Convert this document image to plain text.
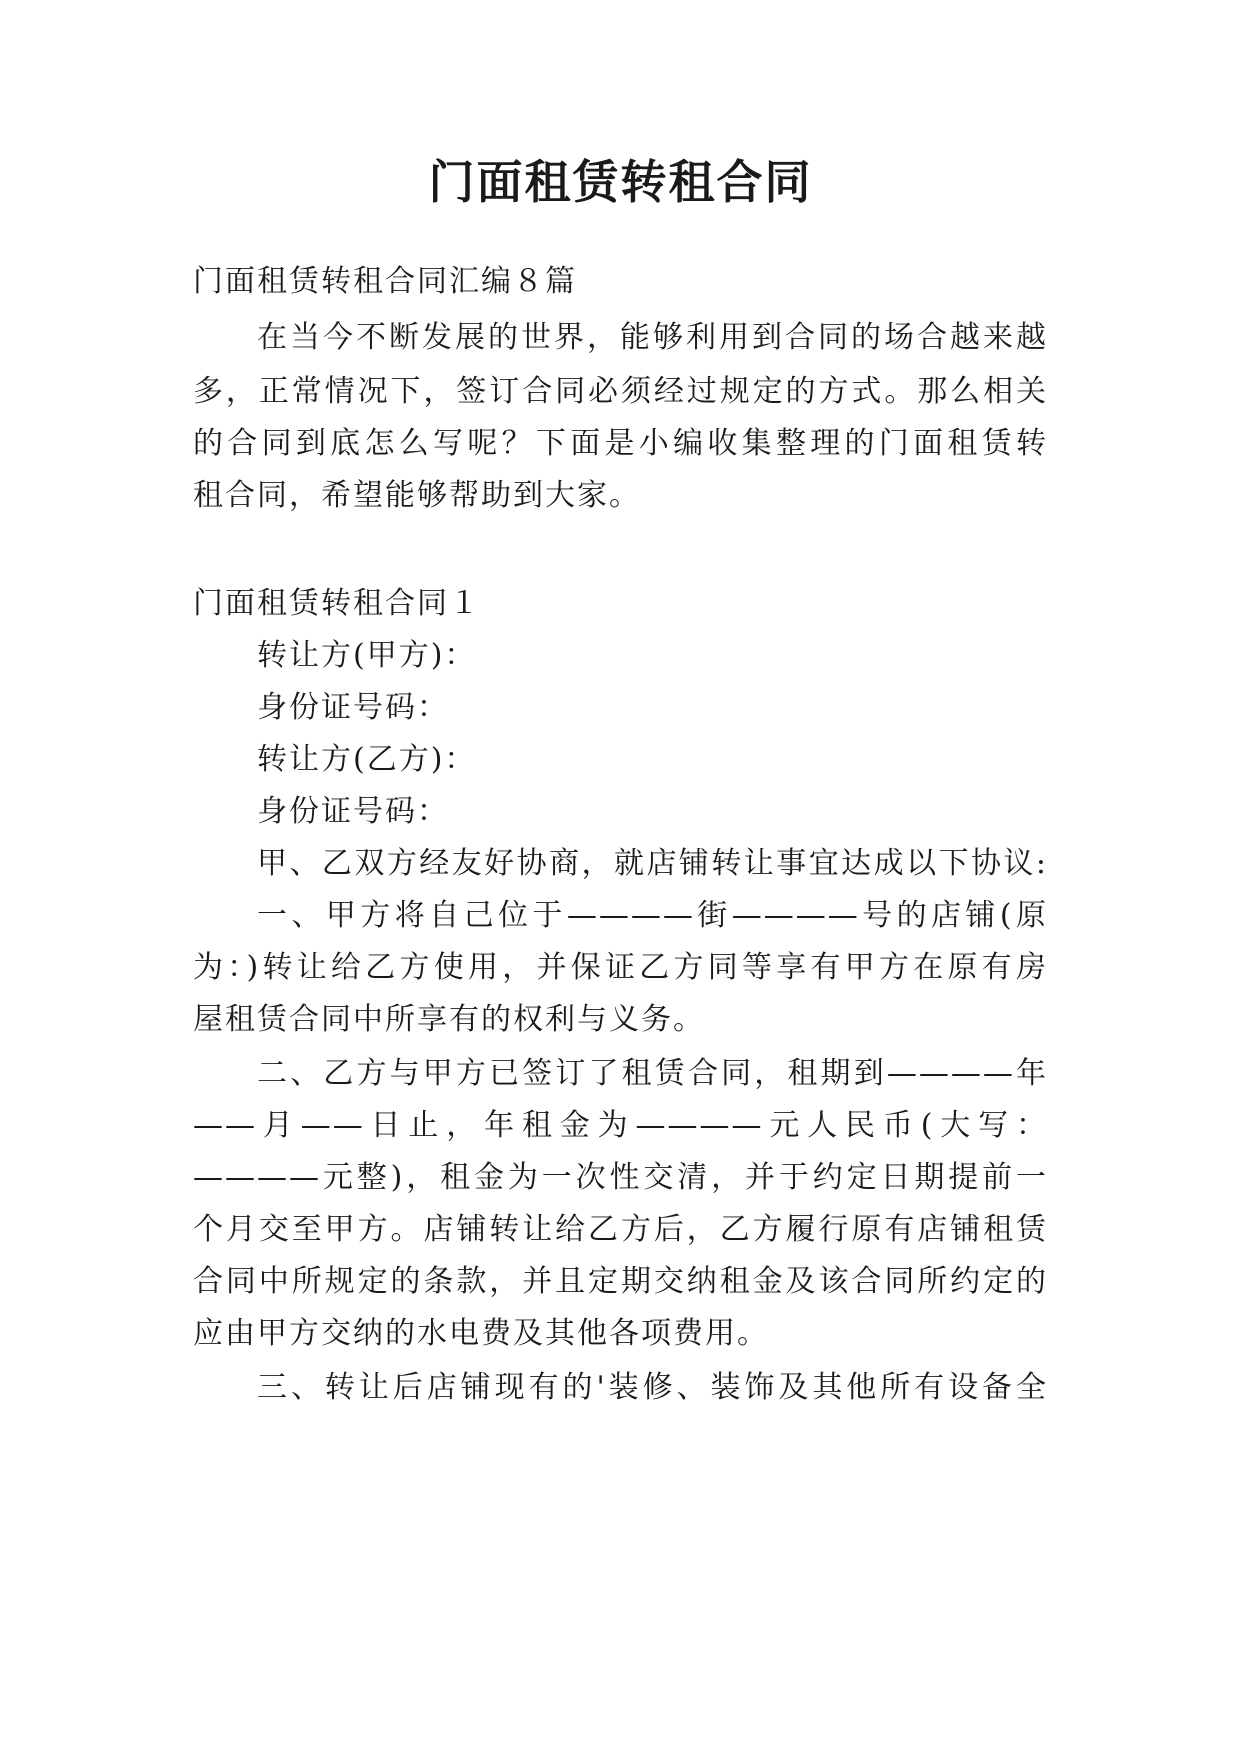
门面租赁转租合同
门面租赁转租合同汇编８篇
在当今不断发展的世界，能够利用到合同的场合越来越
多，正常情况下，签订合同必须经过规定的方式。那么相关
的合同到底怎么写呢？下面是小编收集整理的门面租赁转
租合同，希望能够帮助到大家。
门面租赁转租合同１
转让方(甲方)：
身份证号码：
转让方(乙方)：
身份证号码：
甲、乙双方经友好协商，就店铺转让事宜达成以下协议:
一、甲方将自己位于————街————号的店铺(原
为：)转让给乙方使用，并保证乙方同等享有甲方在原有房
屋租赁合同中所享有的权利与义务。
二、乙方与甲方已签订了租赁合同，租期到————年
——月——日止，年租金为————元人民币(大写：
————元整)，租金为一次性交清，并于约定日期提前一
个月交至甲方。店铺转让给乙方后，乙方履行原有店铺租赁
合同中所规定的条款，并且定期交纳租金及该合同所约定的
应由甲方交纳的水电费及其他各项费用。
三、转让后店铺现有的'装修、装饰及其他所有设备全
